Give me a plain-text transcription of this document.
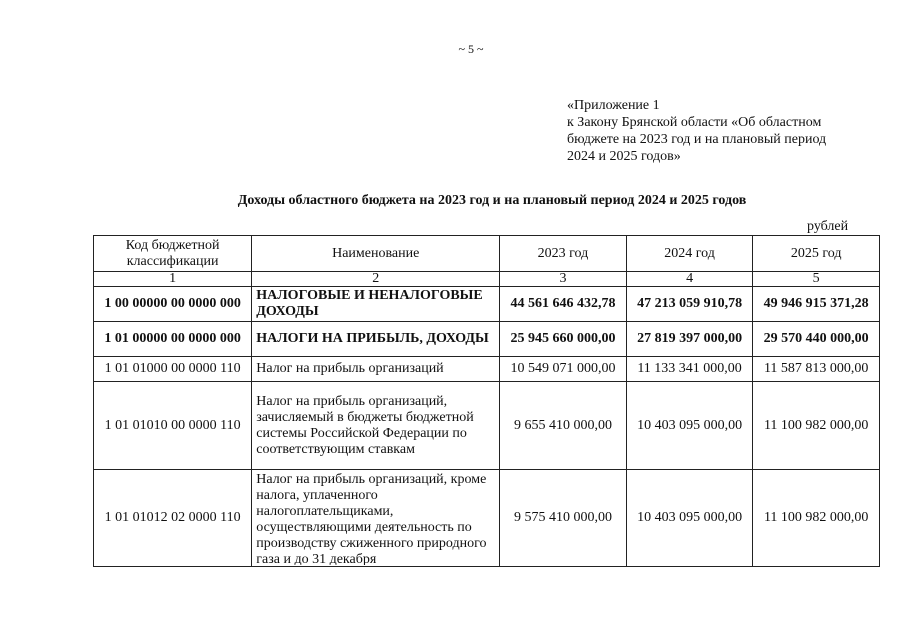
~ 5 ~
«Приложение 1
к Закону Брянской области «Об областном
бюджете на 2023 год и на плановый период
2024 и 2025 годов»
Доходы областного бюджета на 2023 год и на плановый период 2024 и 2025 годов
рублей
Код бюджетной классификации	Наименование	2023 год	2024 год	2025 год
1	2	3	4	5
1 00 00000 00 0000 000	НАЛОГОВЫЕ И НЕНАЛОГОВЫЕ ДОХОДЫ	44 561 646 432,78	47 213 059 910,78	49 946 915 371,28
1 01 00000 00 0000 000	НАЛОГИ НА ПРИБЫЛЬ, ДОХОДЫ	25 945 660 000,00	27 819 397 000,00	29 570 440 000,00
1 01 01000 00 0000 110	Налог на прибыль организаций	10 549 071 000,00	11 133 341 000,00	11 587 813 000,00
1 01 01010 00 0000 110	Налог на прибыль организаций, зачисляемый в бюджеты бюджетной системы Российской Федерации по соответствующим ставкам	9 655 410 000,00	10 403 095 000,00	11 100 982 000,00
1 01 01012 02 0000 110	Налог на прибыль организаций, кроме налога, уплаченного налогоплательщиками, осуществляющими деятельность по производству сжиженного природного газа и до 31 декабря	9 575 410 000,00	10 403 095 000,00	11 100 982 000,00
